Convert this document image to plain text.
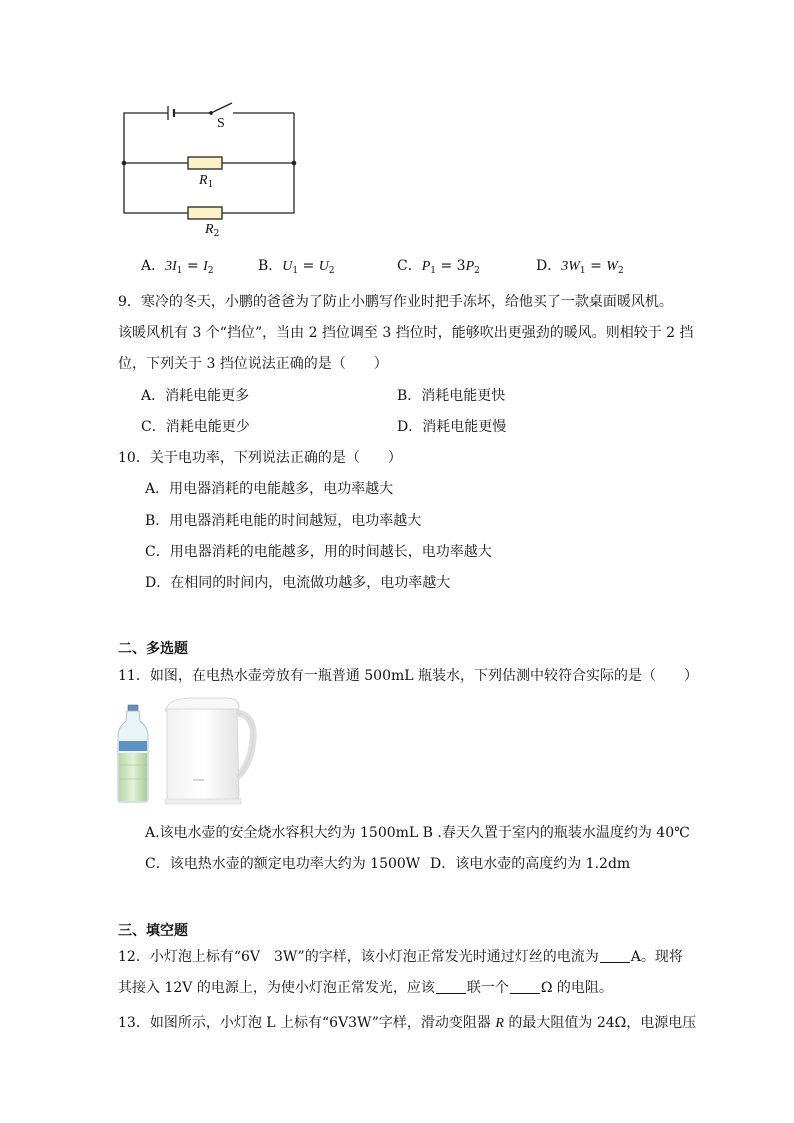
S
$R_1$
$R_2$
A．$3I_1 = I_2$	B．$U_1 = U_2$	C．$P_1 = 3P_2$	D．$3W_1 = W_2$
9．寒冷的冬天，小鹏的爸爸为了防止小鹏写作业时把手冻坏，给他买了一款桌面暖风机。
该暖风机有 3 个“挡位”，当由 2 挡位调至 3 挡位时，能够吹出更强劲的暖风。则相较于 2 挡
位，下列关于 3 挡位说法正确的是（　　）
A．消耗电能更多	B．消耗电能更快
C．消耗电能更少	D．消耗电能更慢
10．关于电功率，下列说法正确的是（　　）
A．用电器消耗的电能越多，电功率越大
B．用电器消耗电能的时间越短，电功率越大
C．用电器消耗的电能越多，用的时间越长，电功率越大
D．在相同的时间内，电流做功越多，电功率越大
二、多选题
11．如图，在电热水壶旁放有一瓶普通 500mL 瓶装水，下列估测中较符合实际的是（　　）
midea
A.该电水壶的安全烧水容积大约为 1500mL B .春天久置于室内的瓶装水温度约为 40℃
C．该电热水壶的额定电功率大约为 1500W D．该电水壶的高度约为 1.2dm
三、填空题
12．小灯泡上标有“6V　3W”的字样，该小灯泡正常发光时通过灯丝的电流为 A。现将
其接入 12V 的电源上，为使小灯泡正常发光，应该 联一个 Ω 的电阻。
13．如图所示，小灯泡 L 上标有“6V3W”字样，滑动变阻器 R 的最大阻值为 24Ω，电源电压
